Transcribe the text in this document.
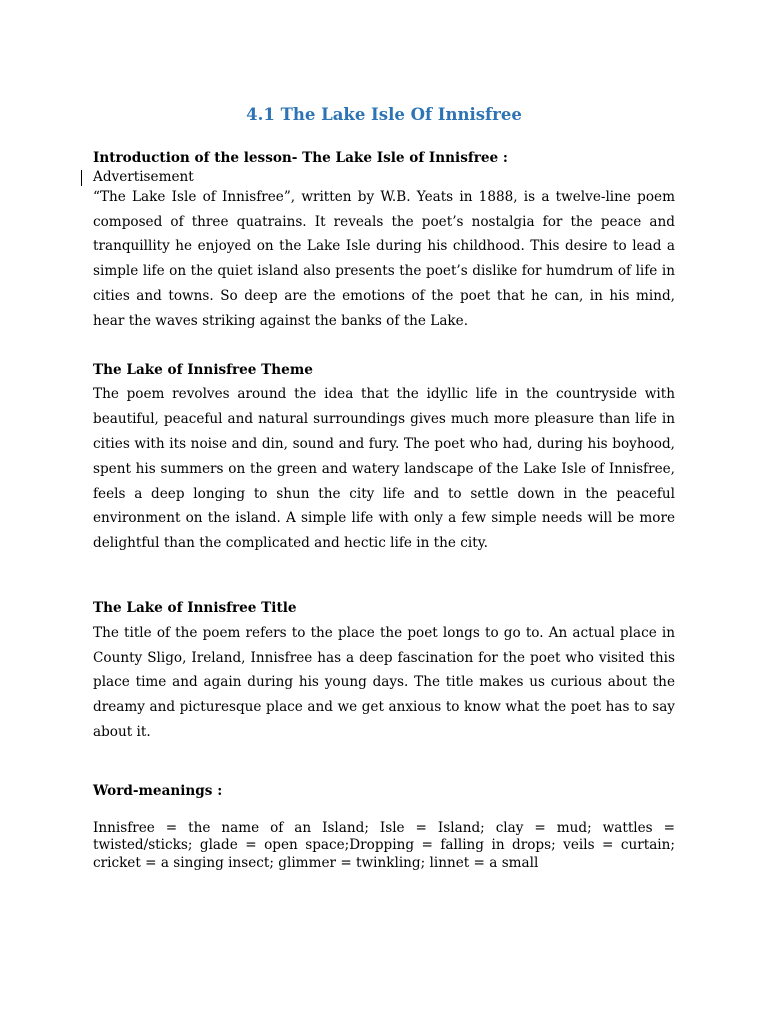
4.1 The Lake Isle Of Innisfree

Introduction of the lesson- The Lake Isle of Innisfree :

Advertisement

“The Lake Isle of Innisfree”, written by W.B. Yeats in 1888, is a twelve-line poem composed of three quatrains. It reveals the poet’s nostalgia for the peace and tranquillity he enjoyed on the Lake Isle during his childhood. This desire to lead a simple life on the quiet island also presents the poet’s dislike for humdrum of life in cities and towns. So deep are the emotions of the poet that he can, in his mind, hear the waves striking against the banks of the Lake.

The Lake of Innisfree Theme

The poem revolves around the idea that the idyllic life in the countryside with beautiful, peaceful and natural surroundings gives much more pleasure than life in cities with its noise and din, sound and fury. The poet who had, during his boyhood, spent his summers on the green and watery landscape of the Lake Isle of Innisfree, feels a deep longing to shun the city life and to settle down in the peaceful environment on the island. A simple life with only a few simple needs will be more delightful than the complicated and hectic life in the city.

The Lake of Innisfree Title

The title of the poem refers to the place the poet longs to go to. An actual place in County Sligo, Ireland, Innisfree has a deep fascination for the poet who visited this place time and again during his young days. The title makes us curious about the dreamy and picturesque place and we get anxious to know what the poet has to say about it.

Word-meanings :

Innisfree = the name of an Island; Isle = Island; clay = mud; wattles = twisted/sticks; glade = open space;Dropping = falling in drops; veils = curtain; cricket = a singing insect; glimmer = twinkling; linnet = a small
